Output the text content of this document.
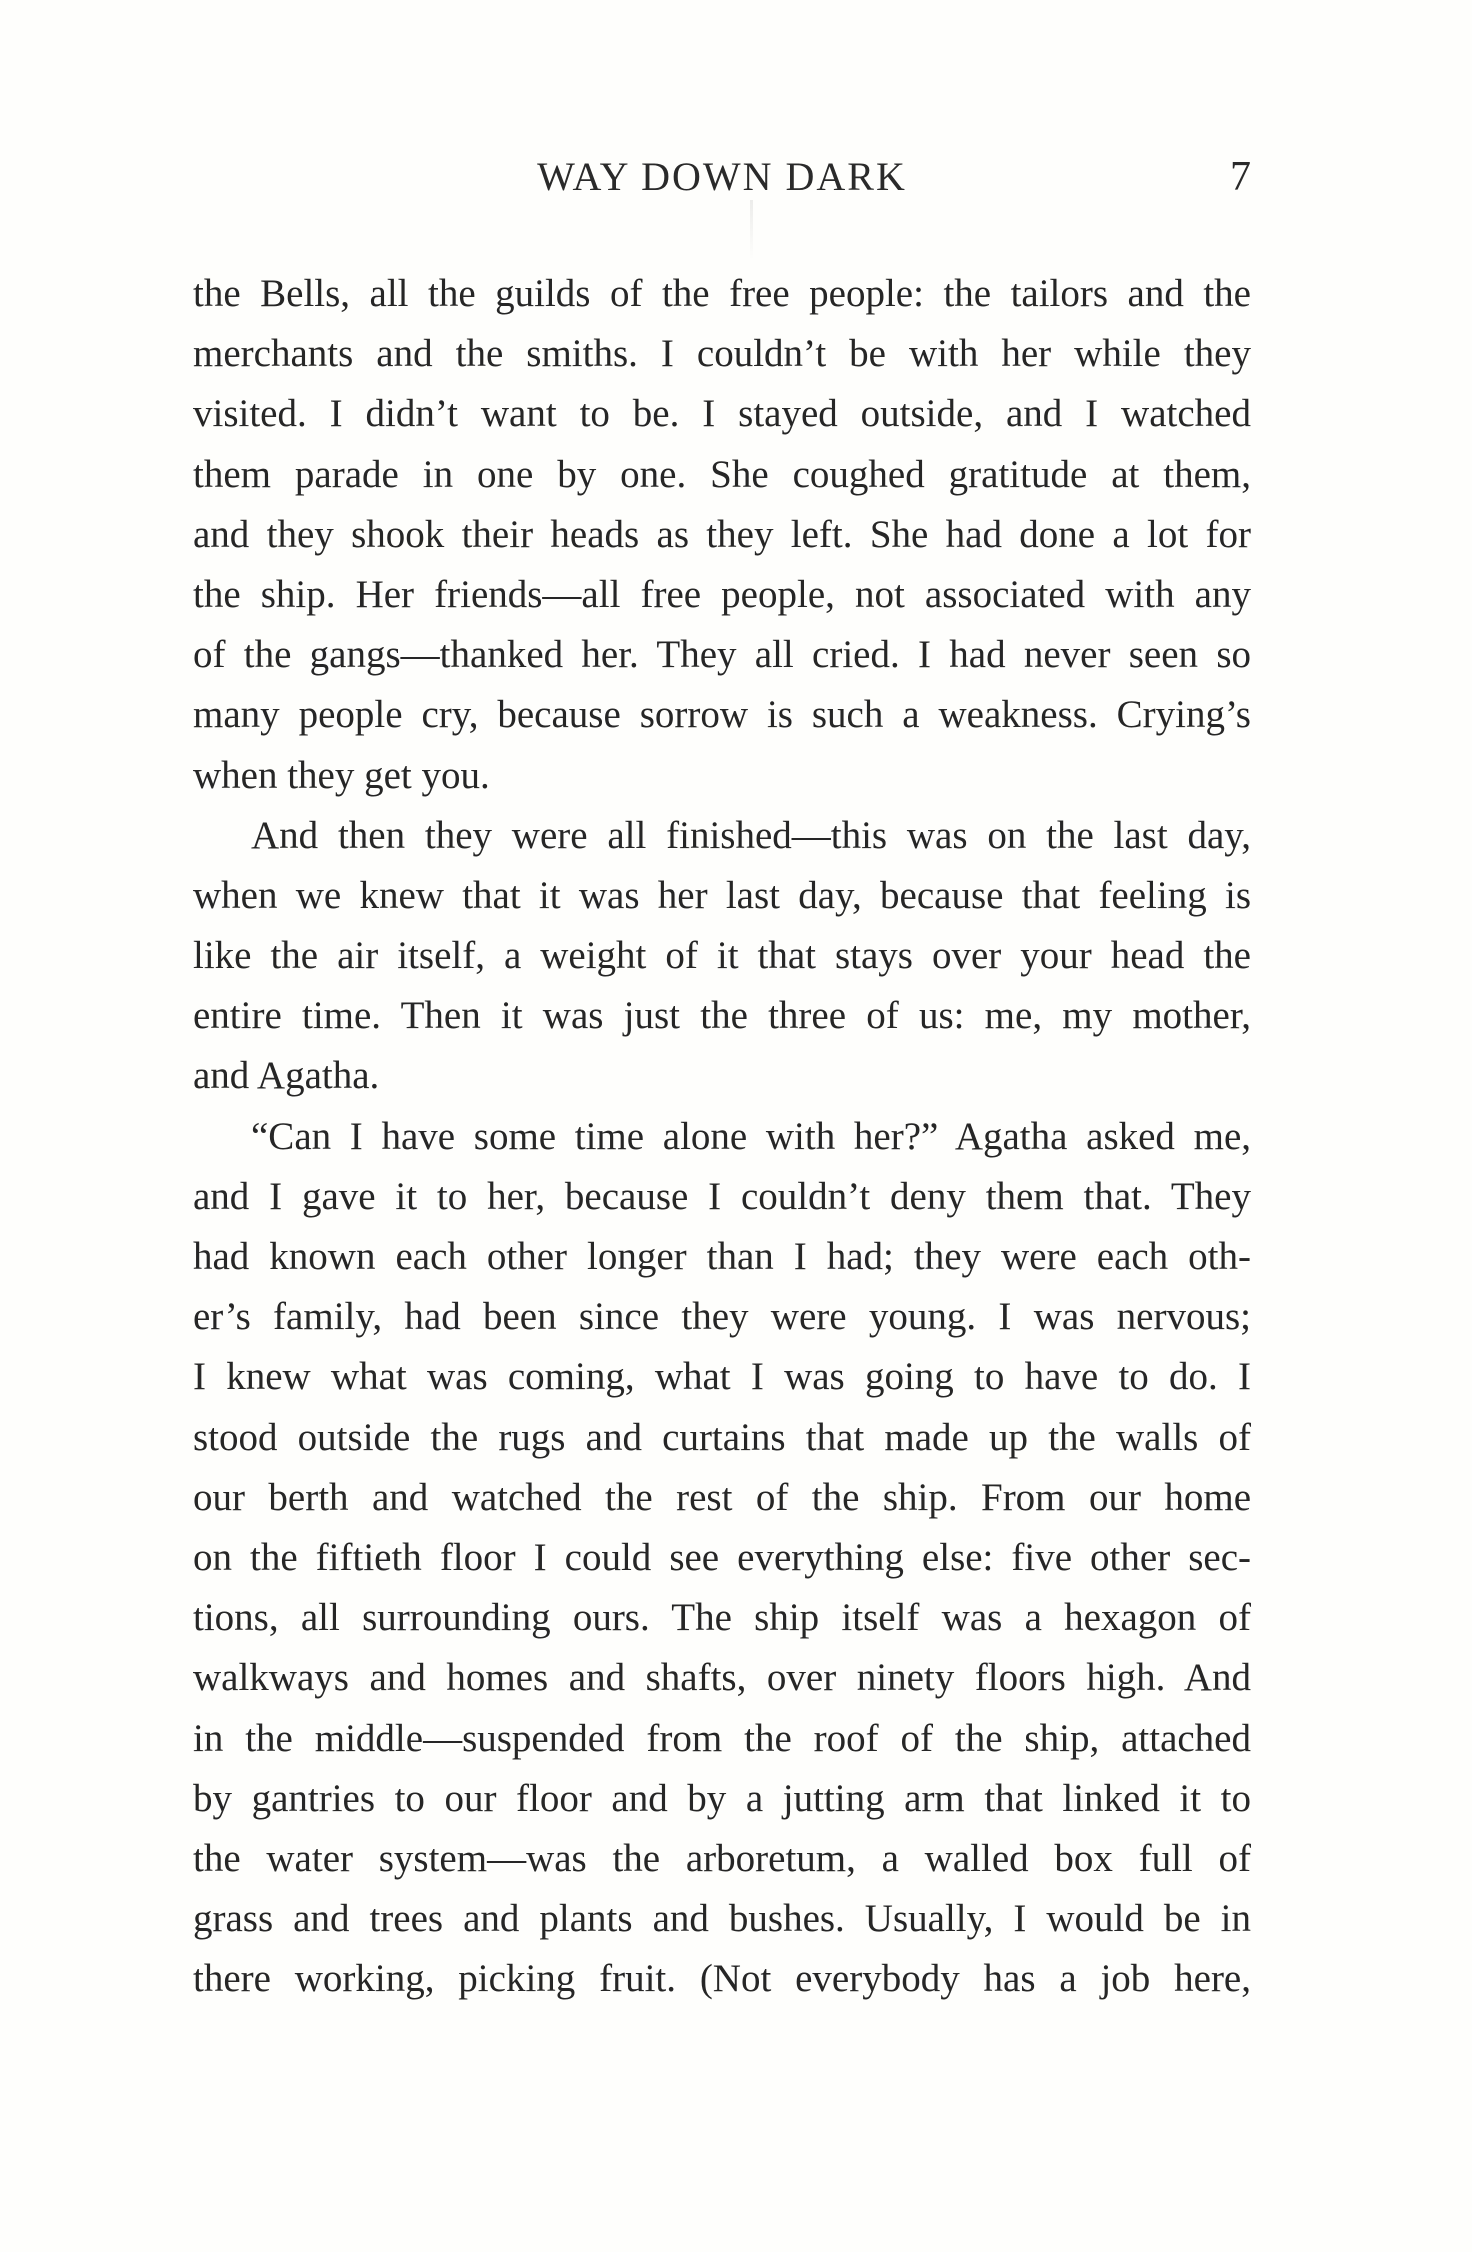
WAY DOWN DARK	7
the Bells, all the guilds of the free people: the tailors and the
merchants and the smiths. I couldn’t be with her while they
visited. I didn’t want to be. I stayed outside, and I watched
them parade in one by one. She coughed gratitude at them,
and they shook their heads as they left. She had done a lot for
the ship. Her friends—all free people, not associated with any
of the gangs—thanked her. They all cried. I had never seen so
many people cry, because sorrow is such a weakness. Crying’s
when they get you.
And then they were all finished—this was on the last day,
when we knew that it was her last day, because that feeling is
like the air itself, a weight of it that stays over your head the
entire time. Then it was just the three of us: me, my mother,
and Agatha.
“Can I have some time alone with her?” Agatha asked me,
and I gave it to her, because I couldn’t deny them that. They
had known each other longer than I had; they were each oth-
er’s family, had been since they were young. I was nervous;
I knew what was coming, what I was going to have to do. I
stood outside the rugs and curtains that made up the walls of
our berth and watched the rest of the ship. From our home
on the fiftieth floor I could see everything else: five other sec-
tions, all surrounding ours. The ship itself was a hexagon of
walkways and homes and shafts, over ninety floors high. And
in the middle—suspended from the roof of the ship, attached
by gantries to our floor and by a jutting arm that linked it to
the water system—was the arboretum, a walled box full of
grass and trees and plants and bushes. Usually, I would be in
there working, picking fruit. (Not everybody has a job here,
